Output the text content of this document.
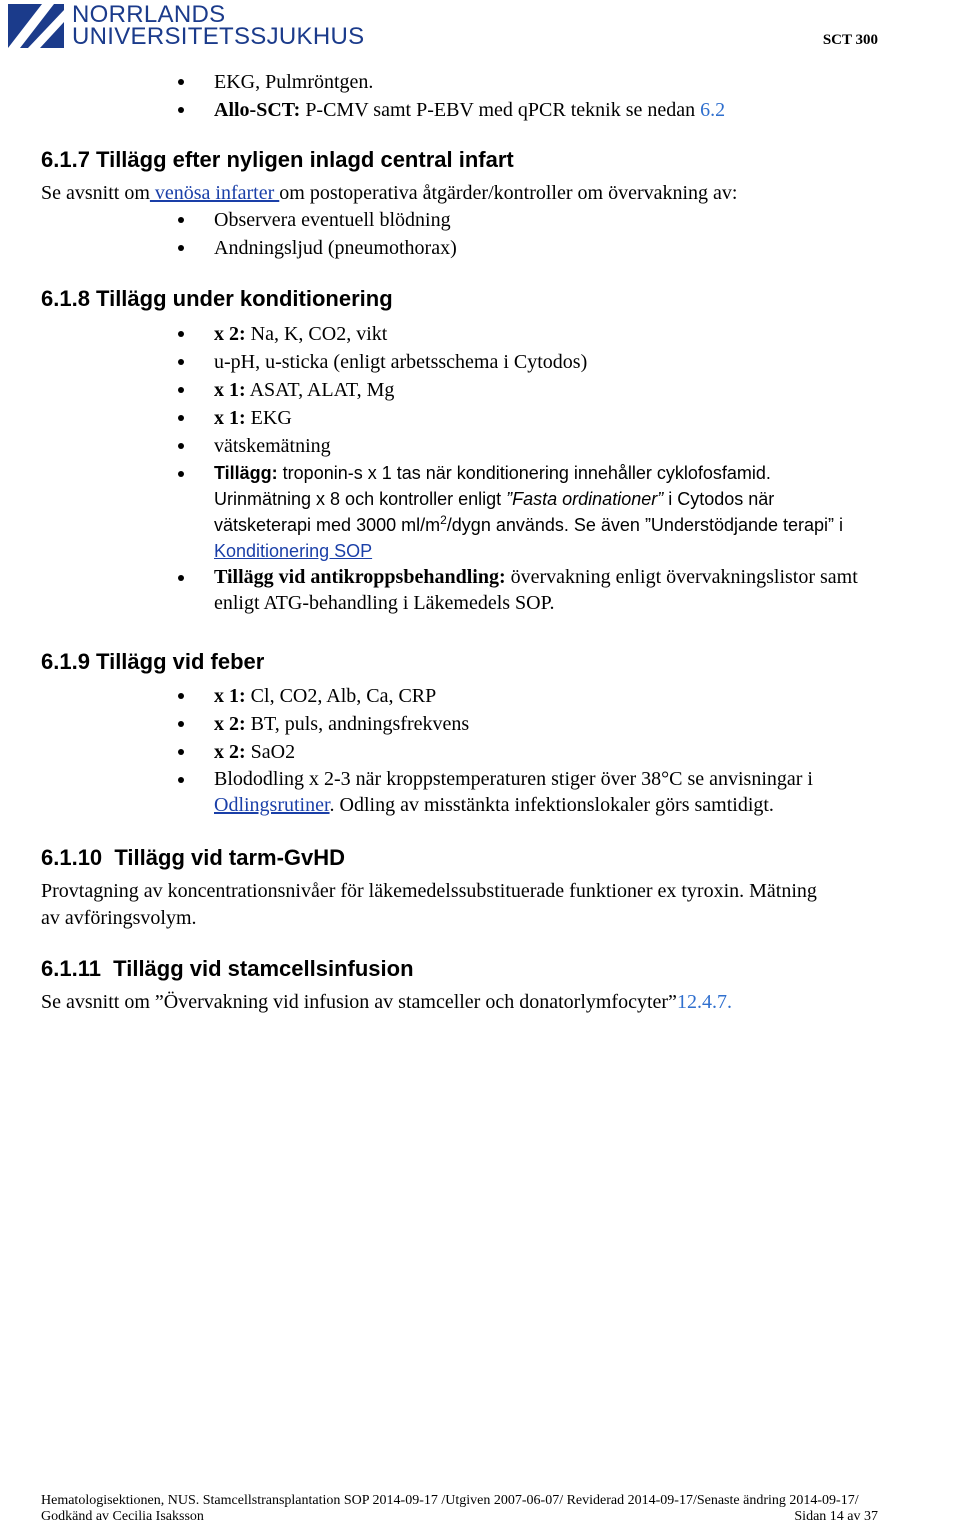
NORRLANDS
UNIVERSITETSSJUKHUS	SCT 300
EKG, Pulmröntgen.
Allo-SCT: P-CMV samt P-EBV med qPCR teknik se nedan 6.2
6.1.7 Tillägg efter nyligen inlagd central infart
Se avsnitt om venösa infarter om postoperativa åtgärder/kontroller om övervakning av:
Observera eventuell blödning
Andningsljud (pneumothorax)
6.1.8 Tillägg under konditionering
x 2: Na, K, CO2, vikt
u-pH, u-sticka (enligt arbetsschema i Cytodos)
x 1: ASAT, ALAT, Mg
x 1: EKG
vätskemätning
Tillägg: troponin-s x 1 tas när konditionering innehåller cyklofosfamid.
Urinmätning x 8 och kontroller enligt ”Fasta ordinationer” i Cytodos när
vätsketerapi med 3000 $ml/m^2$/dygn används. Se även ”Understödjande terapi” i
Konditionering SOP
Tillägg vid antikroppsbehandling: övervakning enligt övervakningslistor samt
enligt ATG-behandling i Läkemedels SOP.
6.1.9 Tillägg vid feber
x 1: Cl, CO2, Alb, Ca, CRP
x 2: BT, puls, andningsfrekvens
x 2: SaO2
Blododling x 2-3 när kroppstemperaturen stiger över 38°C se anvisningar i
Odlingsrutiner. Odling av misstänkta infektionslokaler görs samtidigt.
6.1.10  Tillägg vid tarm-GvHD
Provtagning av koncentrationsnivåer för läkemedelssubstituerade funktioner ex tyroxin. Mätning
av avföringsvolym.
6.1.11  Tillägg vid stamcellsinfusion
Se avsnitt om ”Övervakning vid infusion av stamceller och donatorlymfocyter”12.4.7.
Hematologisektionen, NUS. Stamcellstransplantation SOP 2014-09-17 /Utgiven 2007-06-07/ Reviderad 2014-09-17/Senaste ändring 2014-09-17/
Godkänd av Cecilia Isaksson	Sidan 14 av 37
